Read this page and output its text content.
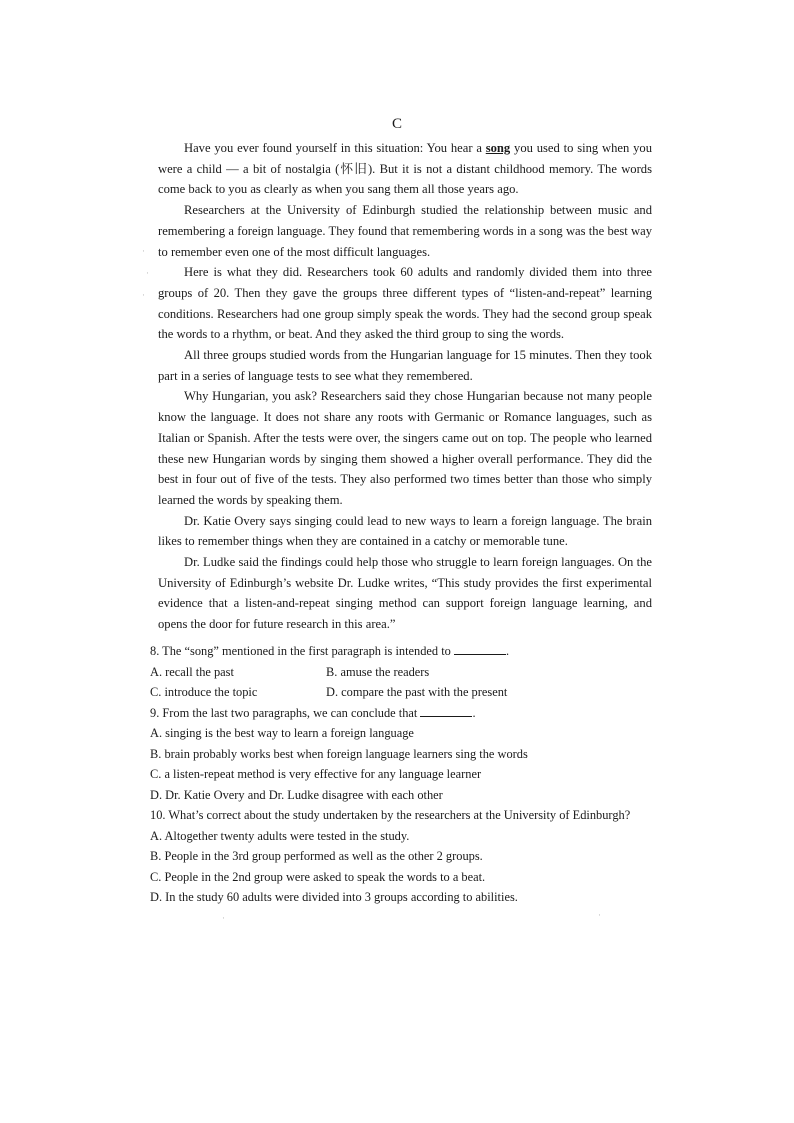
C

Have you ever found yourself in this situation: You hear a song you used to sing when you were a child — a bit of nostalgia (怀旧). But it is not a distant childhood memory. The words come back to you as clearly as when you sang them all those years ago.

Researchers at the University of Edinburgh studied the relationship between music and remembering a foreign language. They found that remembering words in a song was the best way to remember even one of the most difficult languages.

Here is what they did. Researchers took 60 adults and randomly divided them into three groups of 20. Then they gave the groups three different types of “listen-and-repeat” learning conditions. Researchers had one group simply speak the words. They had the second group speak the words to a rhythm, or beat. And they asked the third group to sing the words.

All three groups studied words from the Hungarian language for 15 minutes. Then they took part in a series of language tests to see what they remembered.

Why Hungarian, you ask? Researchers said they chose Hungarian because not many people know the language. It does not share any roots with Germanic or Romance languages, such as Italian or Spanish. After the tests were over, the singers came out on top. The people who learned these new Hungarian words by singing them showed a higher overall performance. They did the best in four out of five of the tests. They also performed two times better than those who simply learned the words by speaking them.

Dr. Katie Overy says singing could lead to new ways to learn a foreign language. The brain likes to remember things when they are contained in a catchy or memorable tune.

Dr. Ludke said the findings could help those who struggle to learn foreign languages. On the University of Edinburgh’s website Dr. Ludke writes, “This study provides the first experimental evidence that a listen-and-repeat singing method can support foreign language learning, and opens the door for future research in this area.”

8. The “song” mentioned in the first paragraph is intended to	.

A. recall the past	B. amuse the readers
C. introduce the topic	D. compare the past with the present

9. From the last two paragraphs, we can conclude that	.

A. singing is the best way to learn a foreign language

B. brain probably works best when foreign language learners sing the words

C. a listen-repeat method is very effective for any language learner

D. Dr. Katie Overy and Dr. Ludke disagree with each other

10. What’s correct about the study undertaken by the researchers at the University of Edinburgh?

A. Altogether twenty adults were tested in the study.

B. People in the 3rd group performed as well as the other 2 groups.

C. People in the 2nd group were asked to speak the words to a beat.

D. In the study 60 adults were divided into 3 groups according to abilities.

·
·
·
·
·
